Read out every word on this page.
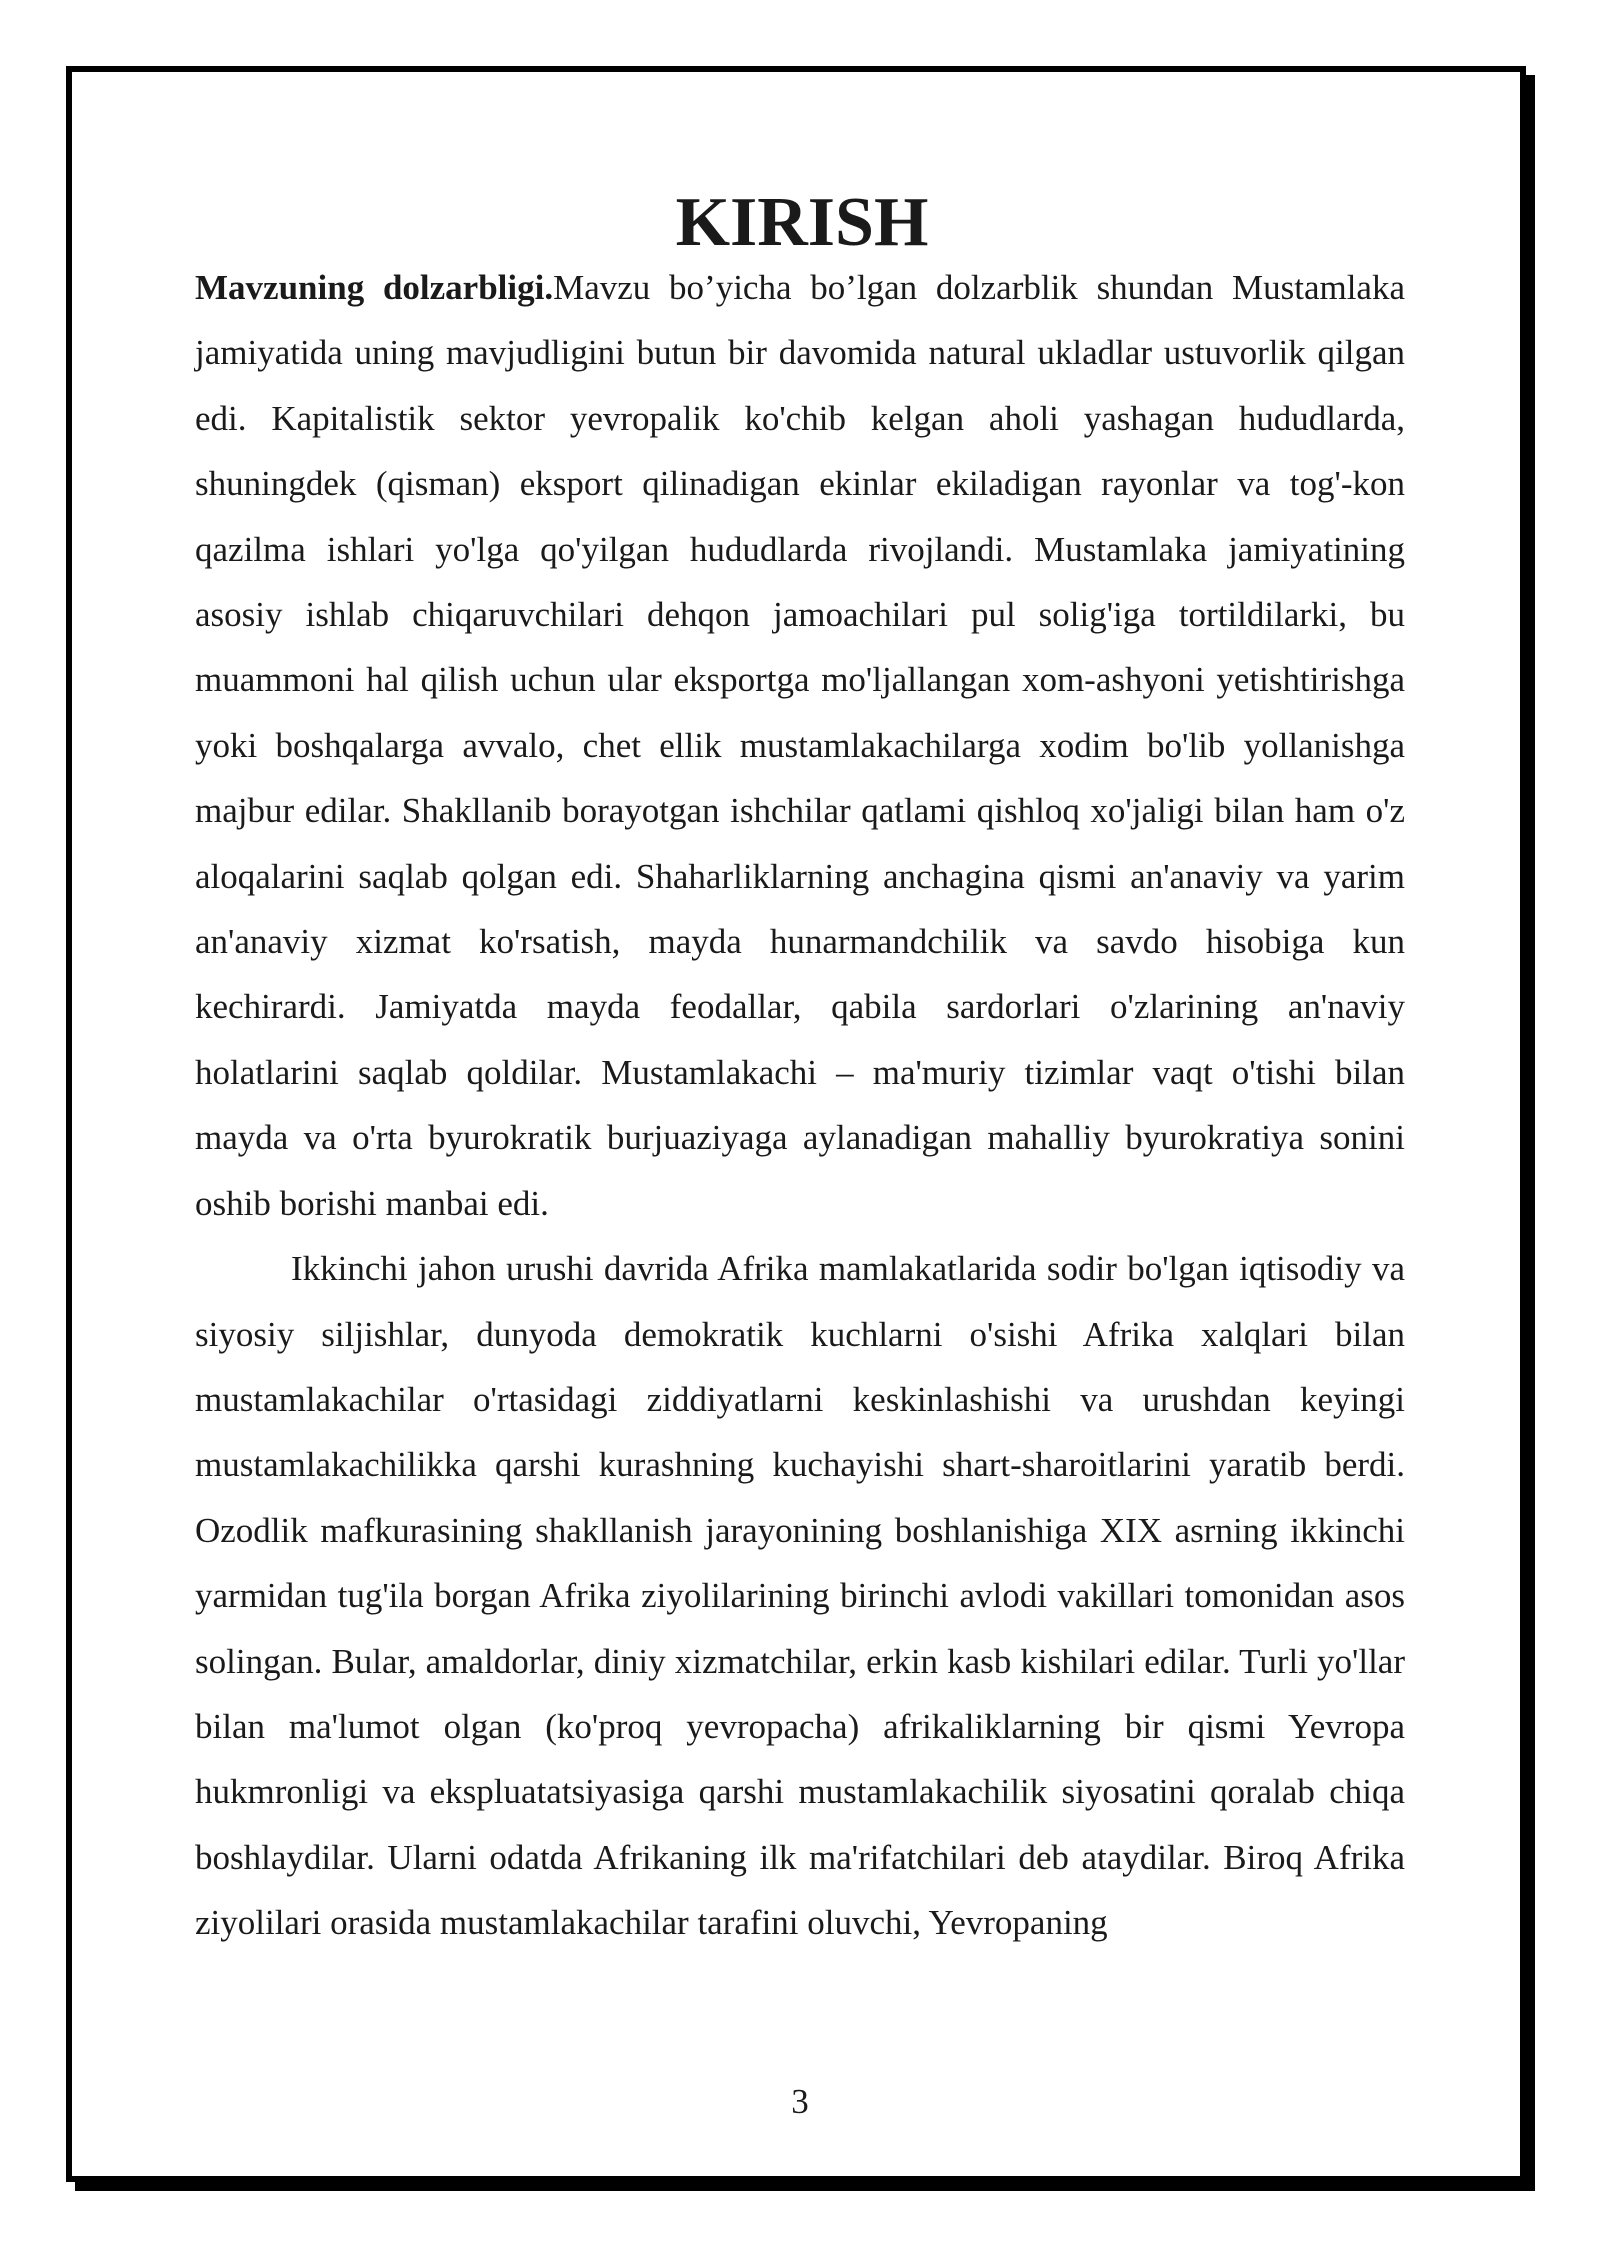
KIRISH

Mavzuning dolzarbligi.Mavzu bo’yicha bo’lgan dolzarblik shundan Mustamlaka jamiyatida uning mavjudligini butun bir davomida natural ukladlar ustuvorlik qilgan edi. Kapitalistik sektor yevropalik ko'chib kelgan aholi yashagan hududlarda, shuningdek (qisman) eksport qilinadigan ekinlar ekiladigan rayonlar va tog'-kon qazilma ishlari yo'lga qo'yilgan hududlarda rivojlandi. Mustamlaka jamiyatining asosiy ishlab chiqaruvchilari dehqon jamoachilari pul solig'iga tortildilarki, bu muammoni hal qilish uchun ular eksportga mo'ljallangan xom-ashyoni yetishtirishga yoki boshqalarga avvalo, chet ellik mustamlakachilarga xodim bo'lib yollanishga majbur edilar. Shakllanib borayotgan ishchilar qatlami qishloq xo'jaligi bilan ham o'z aloqalarini saqlab qolgan edi. Shaharliklarning anchagina qismi an'anaviy va yarim an'anaviy xizmat ko'rsatish, mayda hunarmandchilik va savdo hisobiga kun kechirardi. Jamiyatda mayda feodallar, qabila sardorlari o'zlarining an'naviy holatlarini saqlab qoldilar. Mustamlakachi – ma'muriy tizimlar vaqt o'tishi bilan mayda va o'rta byurokratik burjuaziyaga aylanadigan mahalliy byurokratiya sonini oshib borishi manbai edi.

Ikkinchi jahon urushi davrida Afrika mamlakatlarida sodir bo'lgan iqtisodiy va siyosiy siljishlar, dunyoda demokratik kuchlarni o'sishi Afrika xalqlari bilan mustamlakachilar o'rtasidagi ziddiyatlarni keskinlashishi va urushdan keyingi mustamlakachilikka qarshi kurashning kuchayishi shart-sharoitlarini yaratib berdi. Ozodlik mafkurasining shakllanish jarayonining boshlanishiga XIX asrning ikkinchi yarmidan tug'ila borgan Afrika ziyolilarining birinchi avlodi vakillari tomonidan asos solingan. Bular, amaldorlar, diniy xizmatchilar, erkin kasb kishilari edilar. Turli yo'llar bilan ma'lumot olgan (ko'proq yevropacha) afrikaliklarning bir qismi Yevropa hukmronligi va ekspluatatsiyasiga qarshi mustamlakachilik siyosatini qoralab chiqa boshlaydilar. Ularni odatda Afrikaning ilk ma'rifatchilari deb ataydilar. Biroq Afrika ziyolilari orasida mustamlakachilar tarafini oluvchi, Yevropaning

3
